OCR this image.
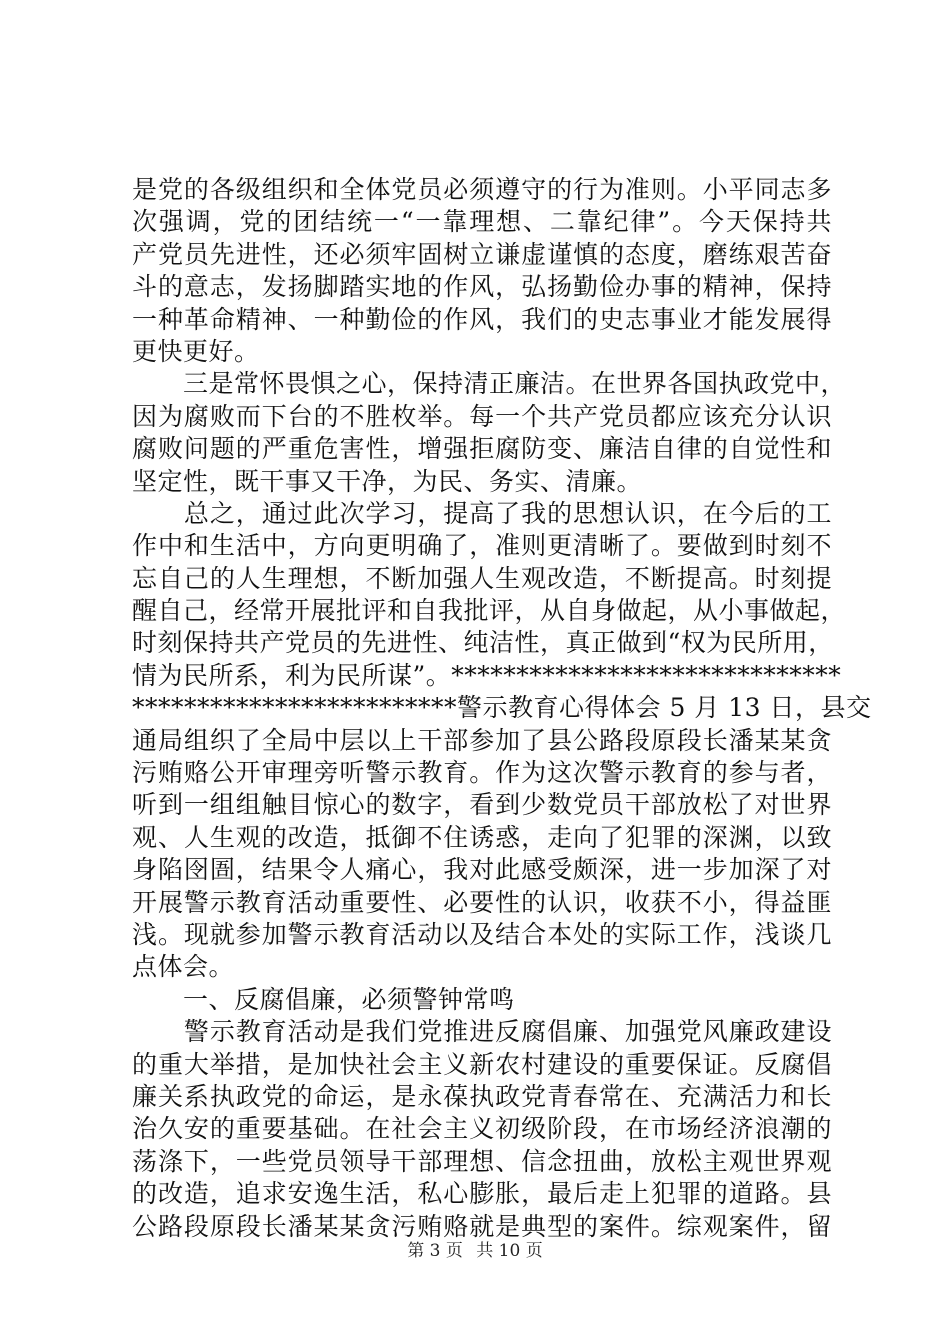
是党的各级组织和全体党员必须遵守的行为准则。小平同志多
次强调，党的团结统一“一靠理想、二靠纪律”。今天保持共
产党员先进性，还必须牢固树立谦虚谨慎的态度，磨练艰苦奋
斗的意志，发扬脚踏实地的作风，弘扬勤俭办事的精神，保持
一种革命精神、一种勤俭的作风，我们的史志事业才能发展得
更快更好。
　　三是常怀畏惧之心，保持清正廉洁。在世界各国执政党中，
因为腐败而下台的不胜枚举。每一个共产党员都应该充分认识
腐败问题的严重危害性，增强拒腐防变、廉洁自律的自觉性和
坚定性，既干事又干净，为民、务实、清廉。
　　总之，通过此次学习，提高了我的思想认识，在今后的工
作中和生活中，方向更明确了，准则更清晰了。要做到时刻不
忘自己的人生理想，不断加强人生观改造，不断提高。时刻提
醒自己，经常开展批评和自我批评，从自身做起，从小事做起，
时刻保持共产党员的先进性、纯洁性，真正做到“权为民所用，
情为民所系，利为民所谋”。******************************
*************************警示教育心得体会 5 月 13 日，县交
通局组织了全局中层以上干部参加了县公路段原段长潘某某贪
污贿赂公开审理旁听警示教育。作为这次警示教育的参与者，
听到一组组触目惊心的数字，看到少数党员干部放松了对世界
观、人生观的改造，抵御不住诱惑，走向了犯罪的深渊，以致
身陷囹圄，结果令人痛心，我对此感受颇深，进一步加深了对
开展警示教育活动重要性、必要性的认识，收获不小，得益匪
浅。现就参加警示教育活动以及结合本处的实际工作，浅谈几
点体会。
　　一、反腐倡廉，必须警钟常鸣
　　警示教育活动是我们党推进反腐倡廉、加强党风廉政建设
的重大举措，是加快社会主义新农村建设的重要保证。反腐倡
廉关系执政党的命运，是永葆执政党青春常在、充满活力和长
治久安的重要基础。在社会主义初级阶段，在市场经济浪潮的
荡涤下，一些党员领导干部理想、信念扭曲，放松主观世界观
的改造，追求安逸生活，私心膨胀，最后走上犯罪的道路。县
公路段原段长潘某某贪污贿赂就是典型的案件。综观案件，留
第 3 页 共 10 页
